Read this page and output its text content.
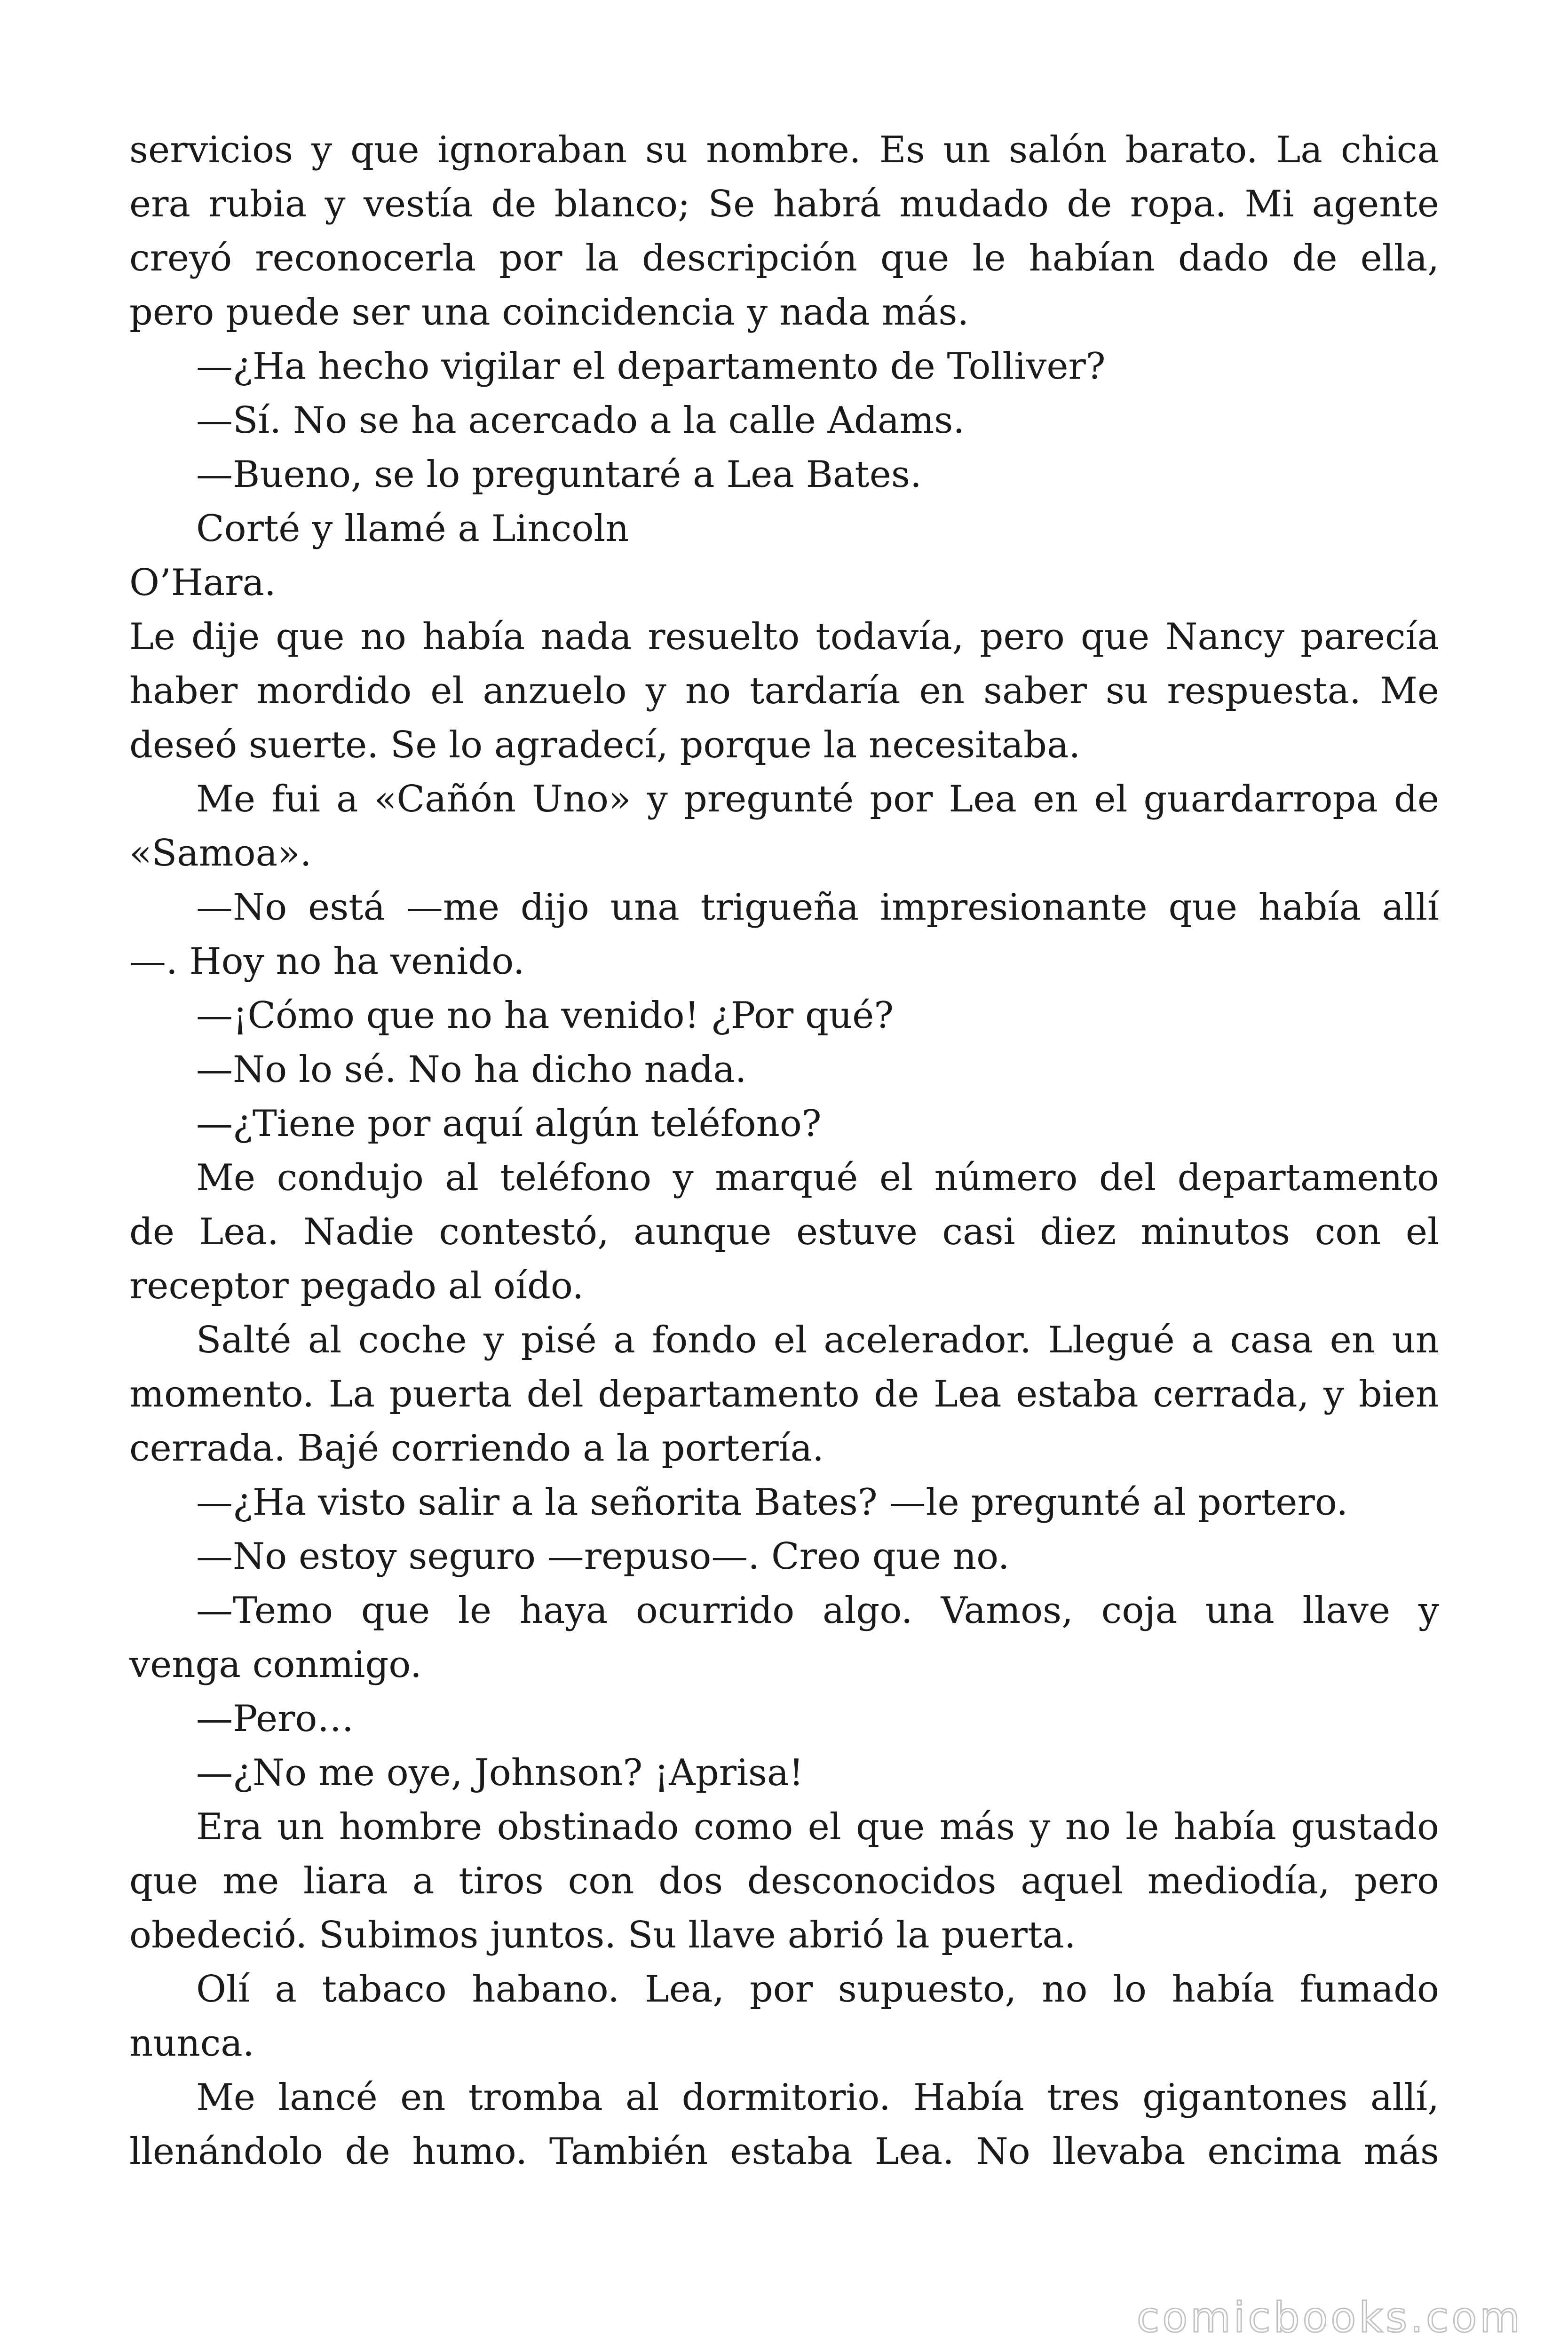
servicios y que ignoraban su nombre. Es un salón barato. La chica
era rubia y vestía de blanco; Se habrá mudado de ropa. Mi agente
creyó reconocerla por la descripción que le habían dado de ella,
pero puede ser una coincidencia y nada más.
—¿Ha hecho vigilar el departamento de Tolliver?
—Sí. No se ha acercado a la calle Adams.
—Bueno, se lo preguntaré a Lea Bates.
Corté y llamé a Lincoln
O’Hara.
Le dije que no había nada resuelto todavía, pero que Nancy parecía
haber mordido el anzuelo y no tardaría en saber su respuesta. Me
deseó suerte. Se lo agradecí, porque la necesitaba.
Me fui a «Cañón Uno» y pregunté por Lea en el guardarropa de
«Samoa».
—No está —me dijo una trigueña impresionante que había allí
—. Hoy no ha venido.
—¡Cómo que no ha venido! ¿Por qué?
—No lo sé. No ha dicho nada.
—¿Tiene por aquí algún teléfono?
Me condujo al teléfono y marqué el número del departamento
de Lea. Nadie contestó, aunque estuve casi diez minutos con el
receptor pegado al oído.
Salté al coche y pisé a fondo el acelerador. Llegué a casa en un
momento. La puerta del departamento de Lea estaba cerrada, y bien
cerrada. Bajé corriendo a la portería.
—¿Ha visto salir a la señorita Bates? —le pregunté al portero.
—No estoy seguro —repuso—. Creo que no.
—Temo que le haya ocurrido algo. Vamos, coja una llave y
venga conmigo.
—Pero…
—¿No me oye, Johnson? ¡Aprisa!
Era un hombre obstinado como el que más y no le había gustado
que me liara a tiros con dos desconocidos aquel mediodía, pero
obedeció. Subimos juntos. Su llave abrió la puerta.
Olí a tabaco habano. Lea, por supuesto, no lo había fumado
nunca.
Me lancé en tromba al dormitorio. Había tres gigantones allí,
llenándolo de humo. También estaba Lea. No llevaba encima más
comicbooks.com
